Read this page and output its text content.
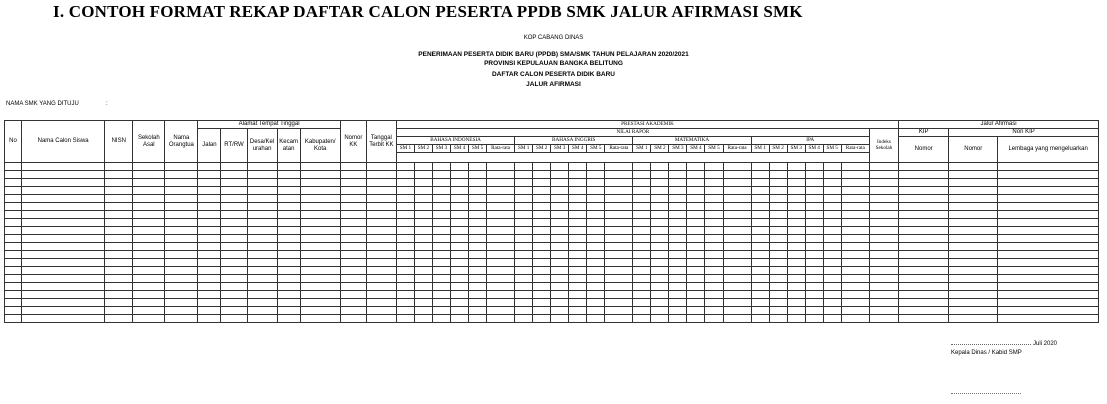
I. CONTOH FORMAT REKAP DAFTAR CALON PESERTA PPDB SMK JALUR AFIRMASI SMK
KOP CABANG DINAS
PENERIMAAN PESERTA DIDIK BARU (PPDB) SMA/SMK TAHUN PELAJARAN 2020/2021
PROVINSI KEPULAUAN BANGKA BELITUNG
DAFTAR CALON PESERTA DIDIK BARU
JALUR AFIRMASI
NAMA SMK YANG DITUJU	:
No	Nama Calon Siswa	NISN	Sekolah Asal	Nama Orangtua	Alamat Tempat Tinggal					Nomor KK	Tanggal Terbit KK	PRESTASI AKADEMIK																									Jalur Afirmasi		
					Jalan	RT/RW	Desa/Kel urahan	Kecam atan	Kabupaten/ Kota			NILAI RAPOR																								Indeks Sekolah	KIP	Non KIP	
												BAHASA INDONESIA						BAHASA INGGRIS						MATEMATIKA						IPA							Nomor	Nomor	Lembaga yang mengeluarkan
												SM 1	SM 2	SM 3	SM 4	SM 5	Rata-rata	SM 1	SM 2	SM 3	SM 4	SM 5	Rata-rata	SM 1	SM 2	SM 3	SM 4	SM 5	Rata-rata	SM 1	SM 2	SM 3	SM 4	SM 5	Rata-rata				

Juli 2020
Kepala Dinas / Kabid SMP
